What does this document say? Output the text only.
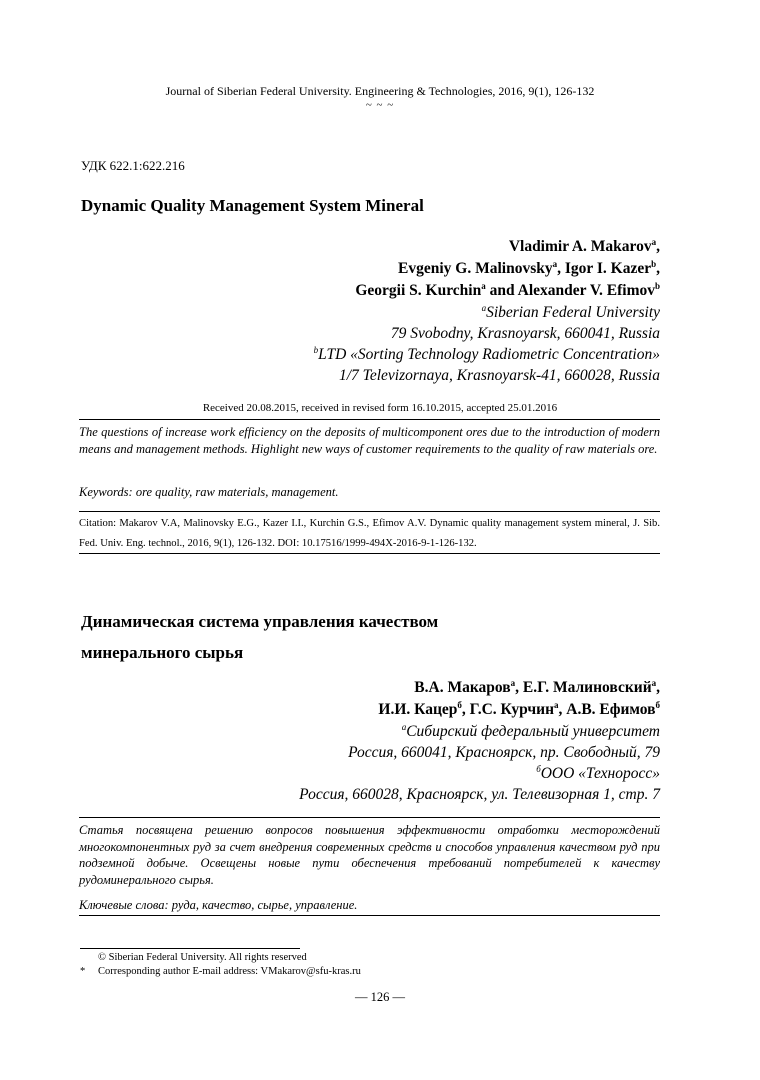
Journal of Siberian Federal University. Engineering & Technologies, 2016, 9(1), 126-132
~ ~ ~
УДК 622.1:622.216
Dynamic Quality Management System Mineral
Vladimir A. Makarov$^a$,
Evgeniy G. Malinovsky$^a$, Igor I. Kazer$^b$,
Georgii S. Kurchin$^a$ and Alexander V. Efimov$^b$
$^a$Siberian Federal University
79 Svobodny, Krasnoyarsk, 660041, Russia
$^b$LTD «Sorting Technology Radiometric Concentration»
1/7 Televizornaya, Krasnoyarsk-41, 660028, Russia
Received 20.08.2015, received in revised form 16.10.2015, accepted 25.01.2016
The questions of increase work efficiency on the deposits of multicomponent ores due to the introduction of modern means and management methods. Highlight new ways of customer requirements to the quality of raw materials ore.
Keywords: ore quality, raw materials, management.
Citation: Makarov V.A, Malinovsky E.G., Kazer I.I., Kurchin G.S., Efimov A.V. Dynamic quality management system mineral, J. Sib. Fed. Univ. Eng. technol., 2016, 9(1), 126-132. DOI: 10.17516/1999-494X-2016-9-1-126-132.
Динамическая система управления качеством
минерального сырья
В.А. Макаров$^а$, Е.Г. Малиновский$^а$,
И.И. Кацер$^б$, Г.С. Курчин$^а$, А.В. Ефимов$^б$
$^а$Сибирский федеральный университет
Россия, 660041, Красноярск, пр. Свободный, 79
$^б$ООО «Техноросс»
Россия, 660028, Красноярск, ул. Телевизорная 1, стр. 7
Статья посвящена решению вопросов повышения эффективности отработки месторождений многокомпонентных руд за счет внедрения современных средств и способов управления качеством руд при подземной добыче. Освещены новые пути обеспечения требований потребителей к качеству рудоминерального сырья.
Ключевые слова: руда, качество, сырье, управление.
© Siberian Federal University. All rights reserved
* Corresponding author E-mail address: VMakarov@sfu-kras.ru
— 126 —
